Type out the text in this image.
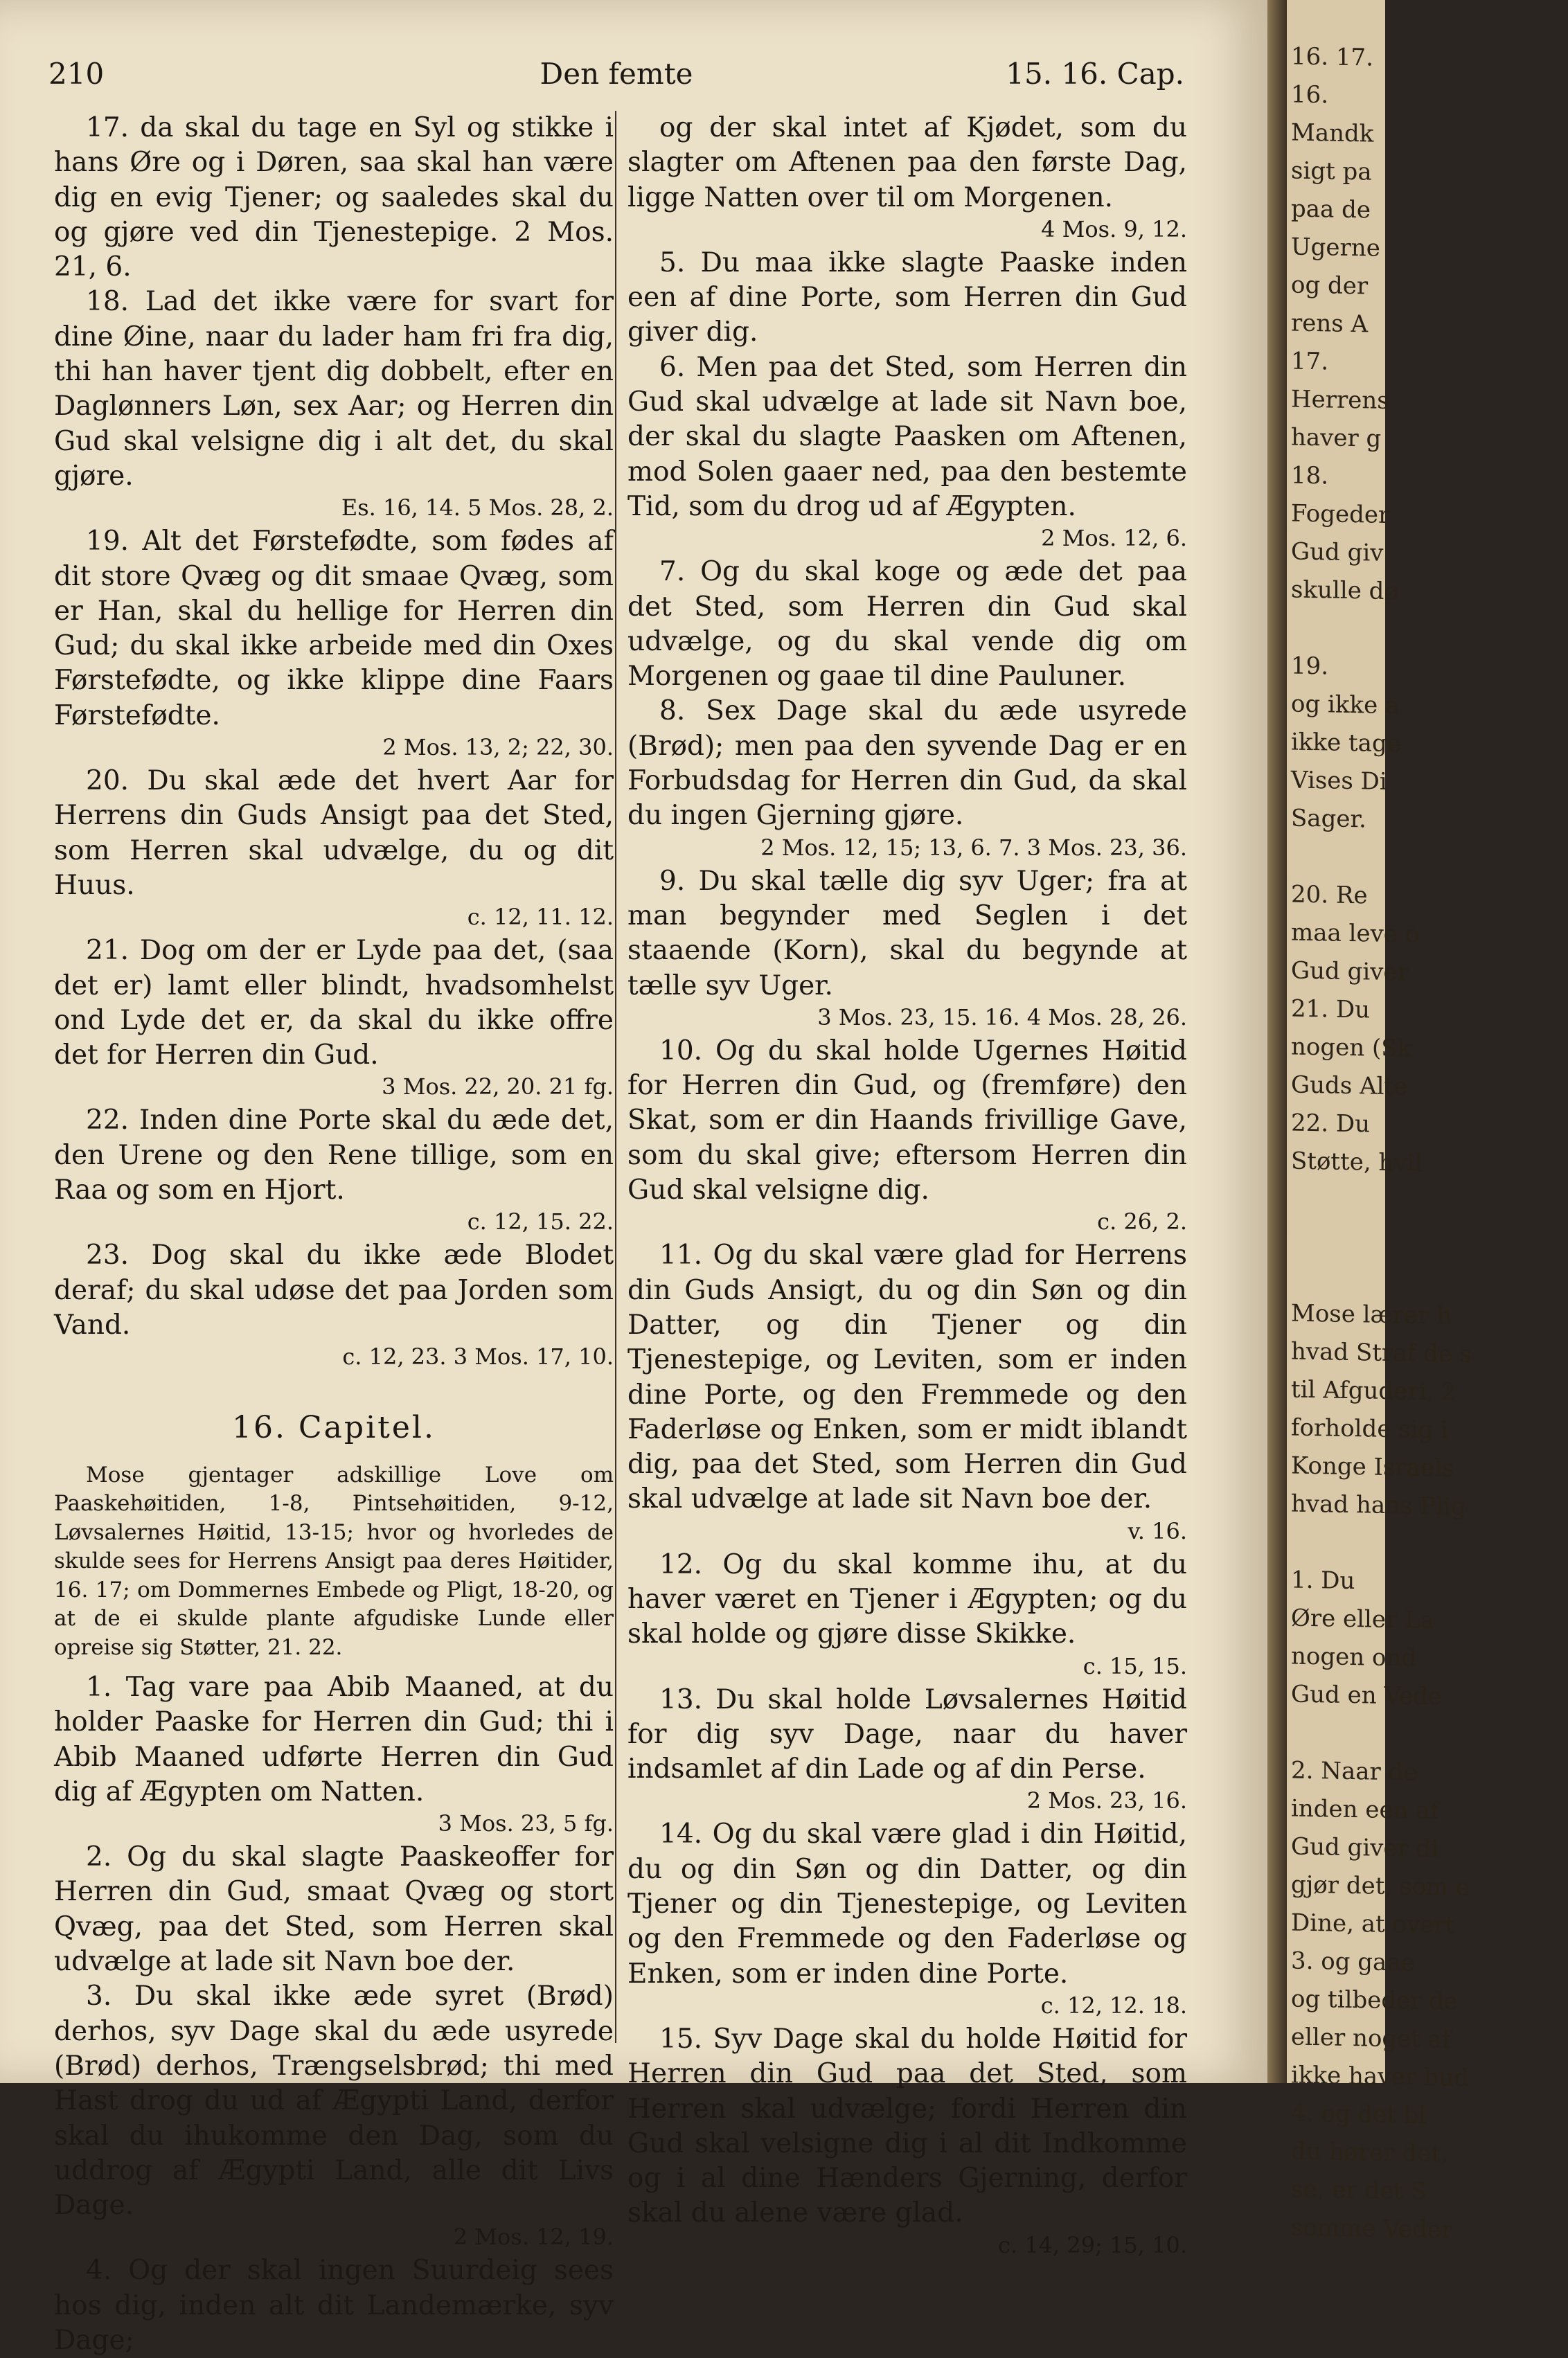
210	Den femte	15. 16. Cap.

17. da skal du tage en Syl og stikke i hans Øre og i Døren, saa skal han være dig en evig Tjener; og saaledes skal du og gjøre ved din Tjenestepige. 2 Mos. 21, 6.

18. Lad det ikke være for svart for dine Øine, naar du lader ham fri fra dig, thi han haver tjent dig dobbelt, efter en Daglønners Løn, sex Aar; og Herren din Gud skal velsigne dig i alt det, du skal gjøre.

Es. 16, 14. 5 Mos. 28, 2.

19. Alt det Førstefødte, som fødes af dit store Qvæg og dit smaae Qvæg, som er Han, skal du hellige for Herren din Gud; du skal ikke arbeide med din Oxes Førstefødte, og ikke klippe dine Faars Førstefødte.

2 Mos. 13, 2; 22, 30.

20. Du skal æde det hvert Aar for Herrens din Guds Ansigt paa det Sted, som Herren skal udvælge, du og dit Huus.

c. 12, 11. 12.

21. Dog om der er Lyde paa det, (saa det er) lamt eller blindt, hvadsomhelst ond Lyde det er, da skal du ikke offre det for Herren din Gud.

3 Mos. 22, 20. 21 fg.

22. Inden dine Porte skal du æde det, den Urene og den Rene tillige, som en Raa og som en Hjort.

c. 12, 15. 22.

23. Dog skal du ikke æde Blodet deraf; du skal udøse det paa Jorden som Vand.

c. 12, 23. 3 Mos. 17, 10.

16. Capitel.

Mose gjentager adskillige Love om Paaskehøitiden, 1-8, Pintsehøitiden, 9-12, Løvsalernes Høitid, 13-15; hvor og hvorledes de skulde sees for Herrens Ansigt paa deres Høitider, 16. 17; om Dommernes Embede og Pligt, 18-20, og at de ei skulde plante afgudiske Lunde eller opreise sig Støtter, 21. 22.

1. Tag vare paa Abib Maaned, at du holder Paaske for Herren din Gud; thi i Abib Maaned udførte Herren din Gud dig af Ægypten om Natten.

3 Mos. 23, 5 fg.

2. Og du skal slagte Paaskeoffer for Herren din Gud, smaat Qvæg og stort Qvæg, paa det Sted, som Herren skal udvælge at lade sit Navn boe der.

3. Du skal ikke æde syret (Brød) derhos, syv Dage skal du æde usyrede (Brød) derhos, Trængselsbrød; thi med Hast drog du ud af Ægypti Land, derfor skal du ihukomme den Dag, som du uddrog af Ægypti Land, alle dit Livs Dage.

2 Mos. 12, 19.

4. Og der skal ingen Suurdeig sees hos dig, inden alt dit Landemærke, syv Dage;

og der skal intet af Kjødet, som du slagter om Aftenen paa den første Dag, ligge Natten over til om Morgenen.

4 Mos. 9, 12.

5. Du maa ikke slagte Paaske inden een af dine Porte, som Herren din Gud giver dig.

6. Men paa det Sted, som Herren din Gud skal udvælge at lade sit Navn boe, der skal du slagte Paasken om Aftenen, mod Solen gaaer ned, paa den bestemte Tid, som du drog ud af Ægypten.

2 Mos. 12, 6.

7. Og du skal koge og æde det paa det Sted, som Herren din Gud skal udvælge, og du skal vende dig om Morgenen og gaae til dine Pauluner.

8. Sex Dage skal du æde usyrede (Brød); men paa den syvende Dag er en Forbudsdag for Herren din Gud, da skal du ingen Gjerning gjøre.

2 Mos. 12, 15; 13, 6. 7. 3 Mos. 23, 36.

9. Du skal tælle dig syv Uger; fra at man begynder med Seglen i det staaende (Korn), skal du begynde at tælle syv Uger.

3 Mos. 23, 15. 16. 4 Mos. 28, 26.

10. Og du skal holde Ugernes Høitid for Herren din Gud, og (fremføre) den Skat, som er din Haands frivillige Gave, som du skal give; eftersom Herren din Gud skal velsigne dig.

c. 26, 2.

11. Og du skal være glad for Herrens din Guds Ansigt, du og din Søn og din Datter, og din Tjener og din Tjenestepige, og Leviten, som er inden dine Porte, og den Fremmede og den Faderløse og Enken, som er midt iblandt dig, paa det Sted, som Herren din Gud skal udvælge at lade sit Navn boe der.

v. 16.

12. Og du skal komme ihu, at du haver været en Tjener i Ægypten; og du skal holde og gjøre disse Skikke.

c. 15, 15.

13. Du skal holde Løvsalernes Høitid for dig syv Dage, naar du haver indsamlet af din Lade og af din Perse.

2 Mos. 23, 16.

14. Og du skal være glad i din Høitid, du og din Søn og din Datter, og din Tjener og din Tjenestepige, og Leviten og den Fremmede og den Faderløse og Enken, som er inden dine Porte.

c. 12, 12. 18.

15. Syv Dage skal du holde Høitid for Herren din Gud paa det Sted, som Herren skal udvælge; fordi Herren din Gud skal velsigne dig i al dit Indkomme og i al dine Hænders Gjerning, derfor skal du alene være glad.

c. 14, 29; 15, 10.

16. 17.
16.
Mandk
sigt pa
paa de
Ugerne
og der
rens A
17.
Herrens
haver g
18.
Fogeder
Gud giv
skulle dø
19.
og ikke a
ikke tage
Vises Di
Sager.
20. Re
maa leve o
Gud giver
21. Du
nogen (Sk
Guds Alte
22. Du
Støtte, hvil
Mose lærer h
hvad Straf de s
til Afguderi, 2
forholde sig i
Konge Israels
hvad hans Plig
1. Du
Øre eller La
nogen ond
Gud en Vede
2. Naar de
inden een af
Gud giver di
gjør det, som e
Dine, at overt
3. og gaae
og tilbeder de
eller noget af
ikke haver bud
4. og det bl
du hører det,
se, er det S
somme Veder
